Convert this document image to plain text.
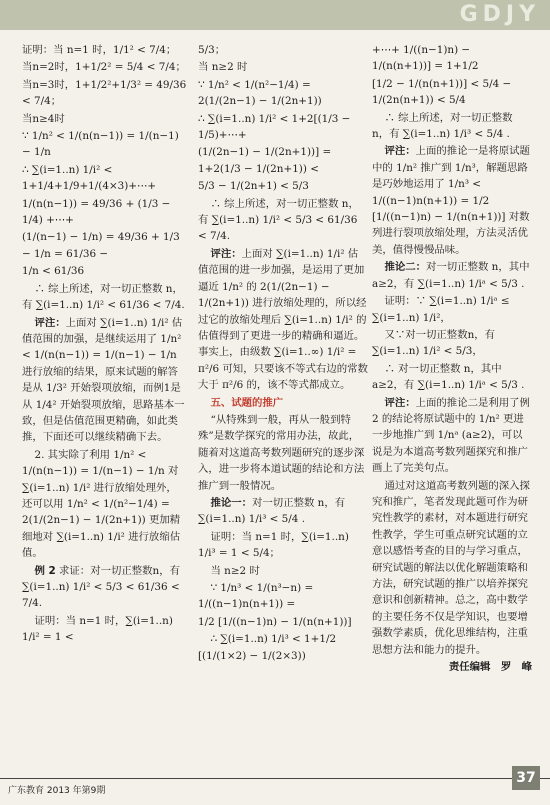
GDJY

证明：当 n=1 时，1/1² < 7/4；

当n=2时，1+1/2² = 5/4 < 7/4；

当n=3时，1+1/2²+1/3² = 49/36 < 7/4；

当n≥4时

∵ 1/n² < 1/(n(n−1)) = 1/(n−1) − 1/n

∴ ∑(i=1..n) 1/i² < 1+1/4+1/9+1/(4×3)+⋯+

1/(n(n−1)) = 49/36 + (1/3 − 1/4) +⋯+

(1/(n−1) − 1/n) = 49/36 + 1/3 − 1/n = 61/36 −

1/n < 61/36

∴ 综上所述，对一切正整数 n，有 ∑(i=1..n) 1/i² < 61/36 < 7/4.

评注：上面对 ∑(i=1..n) 1/i² 估值范围的加强，是继续运用了 1/n² < 1/(n(n−1)) = 1/(n−1) − 1/n 进行放缩的结果，原来试题的解答是从 1/3² 开始裂项放缩，而例1是从 1/4² 开始裂项放缩，思路基本一致，但是估值范围更精确，如此类推，下面还可以继续精确下去。

2. 其实除了利用 1/n² < 1/(n(n−1)) = 1/(n−1) − 1/n 对 ∑(i=1..n) 1/i² 进行放缩处理外，还可以用 1/n² < 1/(n²−1/4) = 2(1/(2n−1) − 1/(2n+1)) 更加精细地对 ∑(i=1..n) 1/i² 进行放缩估值。

例 2 求证：对一切正整数n，有 ∑(i=1..n) 1/i² < 5/3 < 61/36 < 7/4.

证明：当 n=1 时，∑(i=1..n) 1/i² = 1 <

5/3；

当 n≥2 时

∵ 1/n² < 1/(n²−1/4) = 2(1/(2n−1) − 1/(2n+1))

∴ ∑(i=1..n) 1/i² < 1+2[(1/3 − 1/5)+⋯+

(1/(2n−1) − 1/(2n+1))] = 1+2(1/3 − 1/(2n+1)) <

5/3 − 1/(2n+1) < 5/3

∴ 综上所述，对一切正整数 n，有 ∑(i=1..n) 1/i² < 5/3 < 61/36 < 7/4.

评注：上面对 ∑(i=1..n) 1/i² 估值范围的进一步加强，是运用了更加逼近 1/n² 的 2(1/(2n−1) − 1/(2n+1)) 进行放缩处理的，所以经过它的放缩处理后 ∑(i=1..n) 1/i² 的估值得到了更进一步的精确和逼近。事实上，由级数 ∑(i=1..∞) 1/i² = π²/6 可知，只要该不等式右边的常数大于 π²/6 的，该不等式都成立。

五、试题的推广

“从特殊到一般，再从一般到特殊”是数学探究的常用办法，故此，随着对这道高考数列题研究的逐步深入，进一步将本道试题的结论和方法推广到一般情况。

推论一：对一切正整数 n，有 ∑(i=1..n) 1/i³ < 5/4 .

证明：当 n=1 时，∑(i=1..n) 1/i³ = 1 < 5/4；

当 n≥2 时

∵ 1/n³ < 1/(n³−n) = 1/((n−1)n(n+1)) =

1/2 [1/((n−1)n) − 1/(n(n+1))]

∴ ∑(i=1..n) 1/i³ < 1+1/2 [(1/(1×2) − 1/(2×3))

+⋯+ 1/((n−1)n) − 1/(n(n+1))] = 1+1/2

[1/2 − 1/(n(n+1))] < 5/4 − 1/(2n(n+1)) < 5/4

∴ 综上所述，对一切正整数 n，有 ∑(i=1..n) 1/i³ < 5/4 .

评注：上面的推论一是将原试题中的 1/n² 推广到 1/n³，解题思路是巧妙地运用了 1/n³ < 1/((n−1)n(n+1)) = 1/2 [1/((n−1)n) − 1/(n(n+1))] 对数列进行裂项放缩处理，方法灵活优美，值得慢慢品味。

推论二：对一切正整数 n，其中 a≥2，有 ∑(i=1..n) 1/iᵃ < 5/3 .

证明：∵ ∑(i=1..n) 1/iᵃ ≤ ∑(i=1..n) 1/i²，

又∵对一切正整数n，有 ∑(i=1..n) 1/i² < 5/3，

∴ 对一切正整数 n，其中 a≥2，有 ∑(i=1..n) 1/iᵃ < 5/3 .

评注：上面的推论二是利用了例 2 的结论将原试题中的 1/n² 更进一步地推广到 1/nᵃ (a≥2)，可以说是为本道高考数列题探究和推广画上了完美句点。

通过对这道高考数列题的深入探究和推广，笔者发现此题可作为研究性教学的素材，对本题进行研究性教学，学生可重点研究试题的立意以感悟考查的目的与学习重点，研究试题的解法以优化解题策略和方法，研究试题的推广以培养探究意识和创新精神。总之，高中数学的主要任务不仅是学知识，也要增强数学素质，优化思维结构，注重思想方法和能力的提升。

责任编辑　罗　峰

广东教育 2013 年第9期
37
